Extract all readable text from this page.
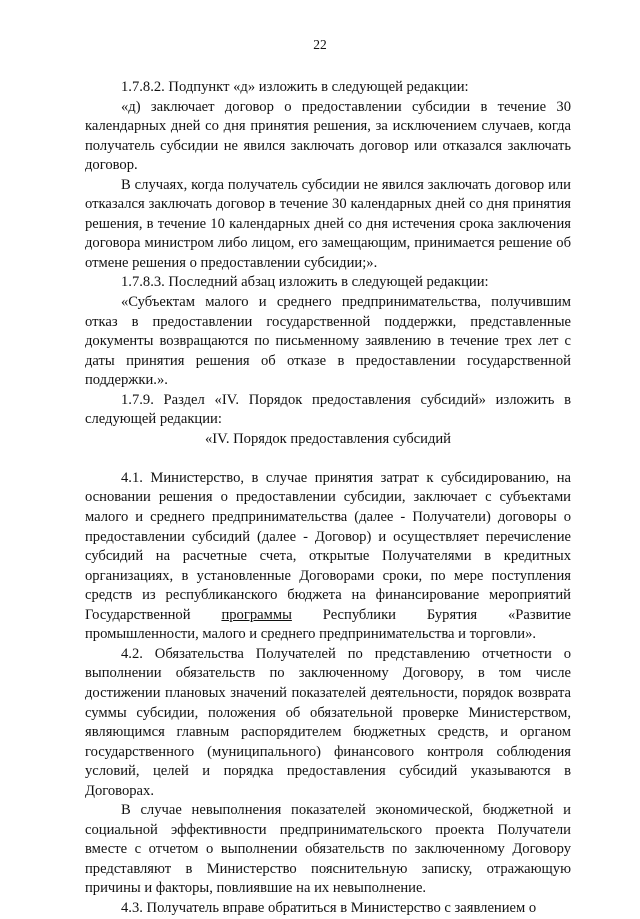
22

1.7.8.2. Подпункт «д» изложить в следующей редакции:

«д) заключает договор о предоставлении субсидии в течение 30 календарных дней со дня принятия решения, за исключением случаев, когда получатель субсидии не явился заключать договор или отказался заключать договор.

В случаях, когда получатель субсидии не явился заключать договор или отказался заключать договор в течение 30 календарных дней со дня принятия решения, в течение 10 календарных дней со дня истечения срока заключения договора министром либо лицом, его замещающим, принимается решение об отмене решения о предоставлении субсидии;».

1.7.8.3. Последний абзац изложить в следующей редакции:

«Субъектам малого и среднего предпринимательства, получившим отказ в предоставлении государственной поддержки, представленные документы возвращаются по письменному заявлению в течение трех лет с даты принятия решения об отказе в предоставлении государственной поддержки.».

1.7.9. Раздел «IV. Порядок предоставления субсидий» изложить в следующей редакции:

«IV. Порядок предоставления субсидий

4.1. Министерство, в случае принятия затрат к субсидированию, на основании решения о предоставлении субсидии, заключает с субъектами малого и среднего предпринимательства (далее - Получатели) договоры о предоставлении субсидий (далее - Договор) и осуществляет перечисление субсидий на расчетные счета, открытые Получателями в кредитных организациях, в установленные Договорами сроки, по мере поступления средств из республиканского бюджета на финансирование мероприятий Государственной программы Республики Бурятия «Развитие промышленности, малого и среднего предпринимательства и торговли».

4.2. Обязательства Получателей по представлению отчетности о выполнении обязательств по заключенному Договору, в том числе достижении плановых значений показателей деятельности, порядок возврата суммы субсидии, положения об обязательной проверке Министерством, являющимся главным распорядителем бюджетных средств, и органом государственного (муниципального) финансового контроля соблюдения условий, целей и порядка предоставления субсидий указываются в Договорах.

В случае невыполнения показателей экономической, бюджетной и социальной эффективности предпринимательского проекта Получатели вместе с отчетом о выполнении обязательств по заключенному Договору представляют в Министерство пояснительную записку, отражающую причины и факторы, повлиявшие на их невыполнение.

4.3. Получатель вправе обратиться в Министерство с заявлением о
